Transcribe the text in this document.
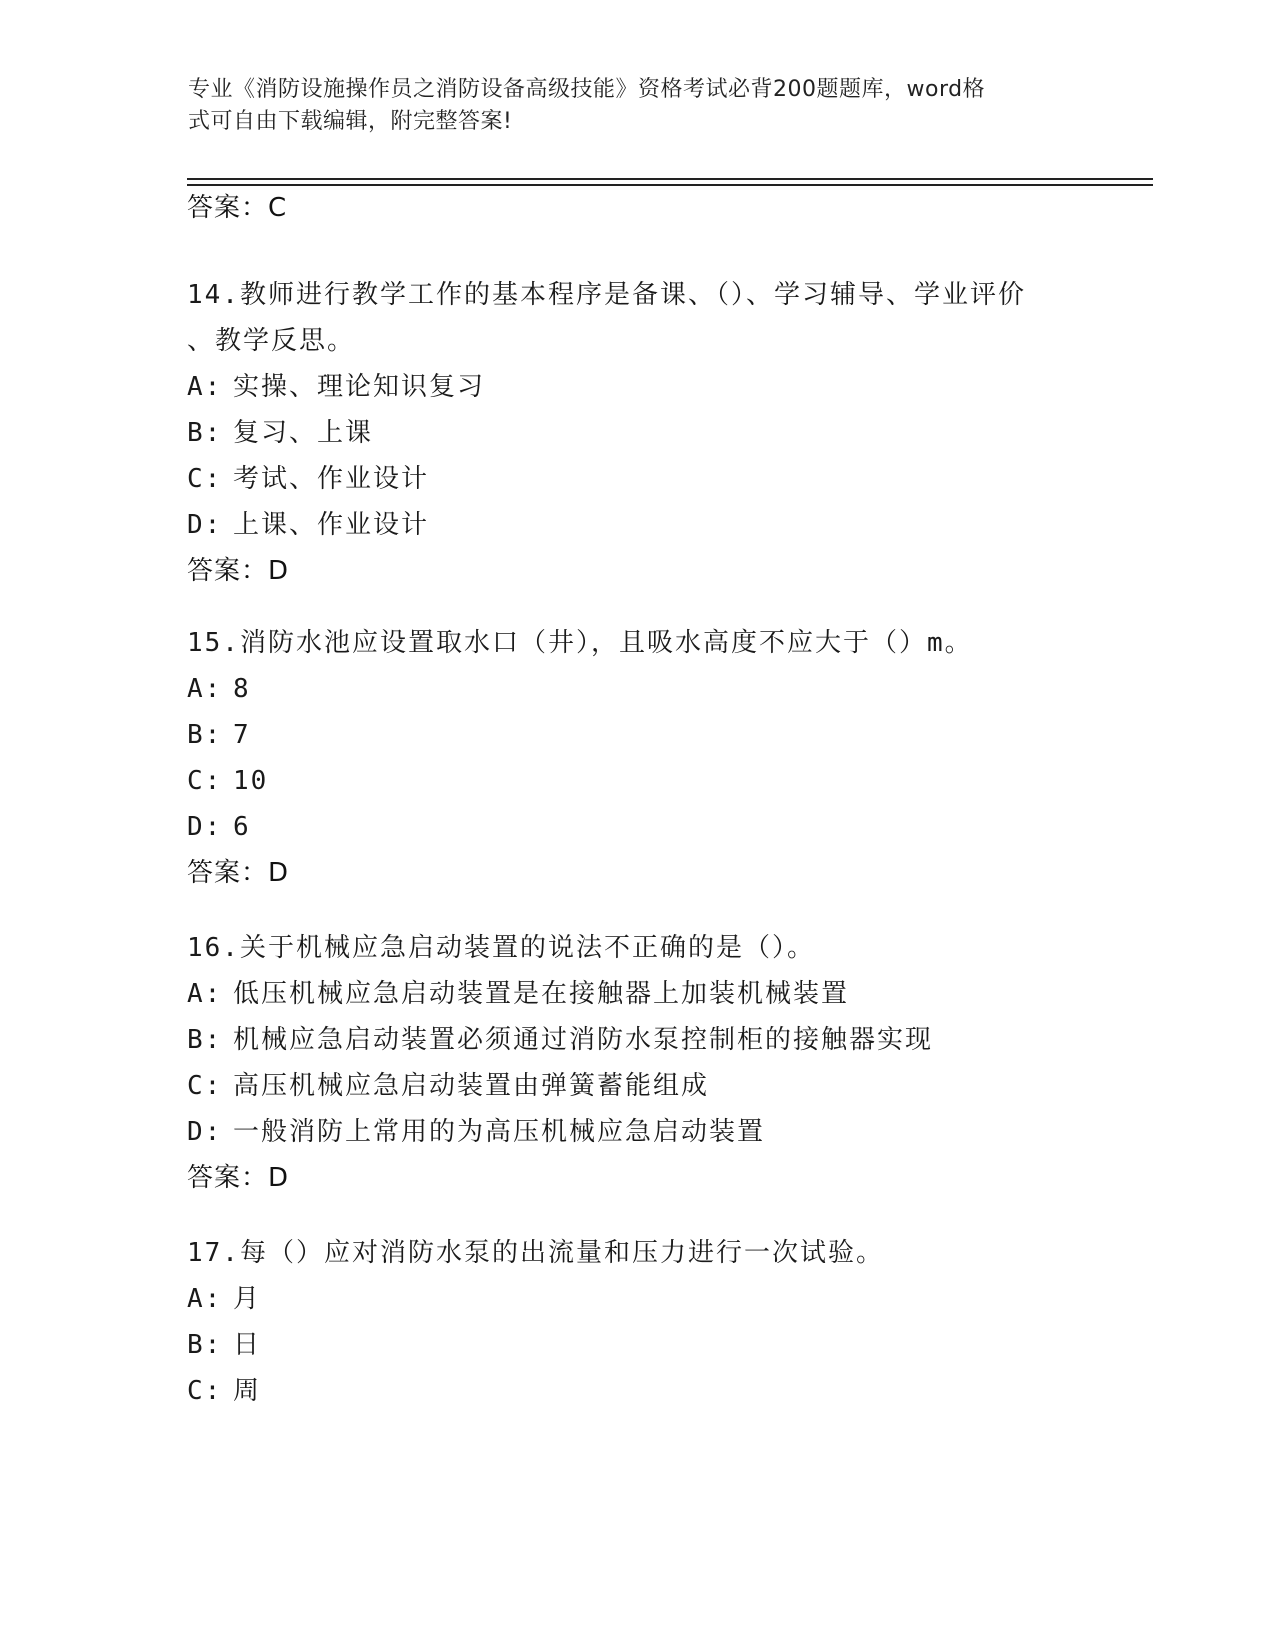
专业《消防设施操作员之消防设备高级技能》资格考试必背200题题库，word格
式可自由下载编辑，附完整答案!
答案：C
14.教师进行教学工作的基本程序是备课、（）、学习辅导、学业评价
、教学反思。
A: 实操、理论知识复习
B: 复习、上课
C: 考试、作业设计
D: 上课、作业设计
答案：D
15.消防水池应设置取水口（井），且吸水高度不应大于（）m。
A: 8
B: 7
C: 10
D: 6
答案：D
16.关于机械应急启动装置的说法不正确的是（）。
A: 低压机械应急启动装置是在接触器上加装机械装置
B: 机械应急启动装置必须通过消防水泵控制柜的接触器实现
C: 高压机械应急启动装置由弹簧蓄能组成
D: 一般消防上常用的为高压机械应急启动装置
答案：D
17.每（）应对消防水泵的出流量和压力进行一次试验。
A: 月
B: 日
C: 周
